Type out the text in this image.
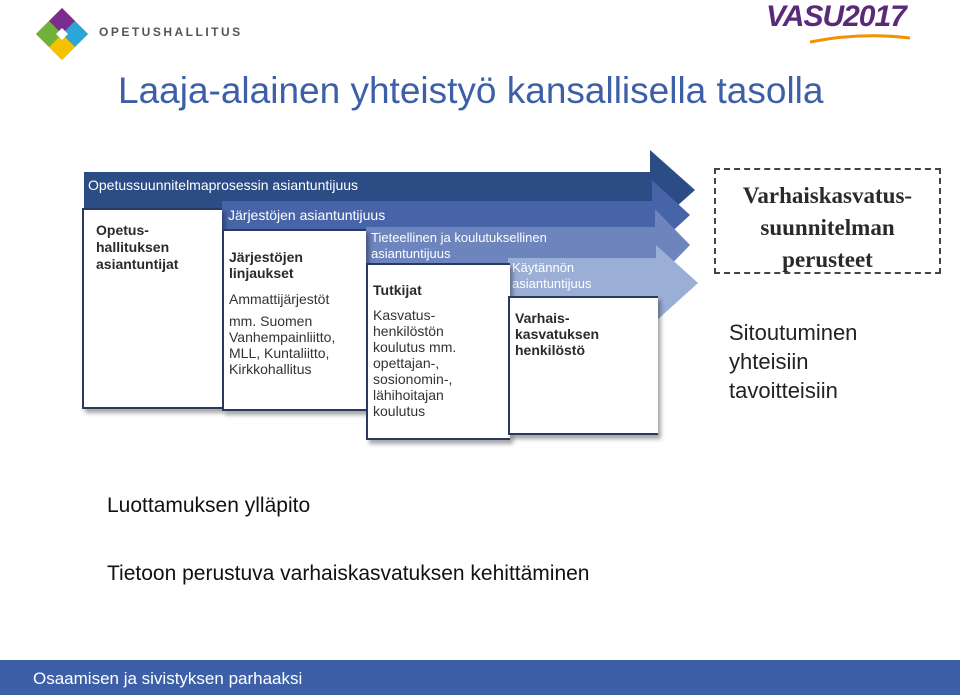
OPETUSHALLITUS	VASU2017
Laaja-alainen yhteistyö kansallisella tasolla
Opetussuunnitelmaprosessin asiantuntijuus
Järjestöjen asiantuntijuus
Tieteellinen ja koulutuksellinen asiantuntijuus
Käytännön asiantuntijuus
Opetus-hallituksen asiantuntijat	Järjestöjen linjaukset
Ammattijärjestöt
mm. Suomen Vanhempainliitto, MLL, Kuntaliitto, Kirkkohallitus
Tutkijat
Kasvatus-henkilöstön koulutus mm. opettajan-, sosionomin-, lähihoitajan koulutus
Varhais-kasvatuksen henkilöstö
Varhaiskasvatus-suunnitelman perusteet
Sitoutuminen yhteisiin tavoitteisiin
Luottamuksen ylläpito
Tietoon perustuva varhaiskasvatuksen kehittäminen
Osaamisen ja sivistyksen parhaaksi
